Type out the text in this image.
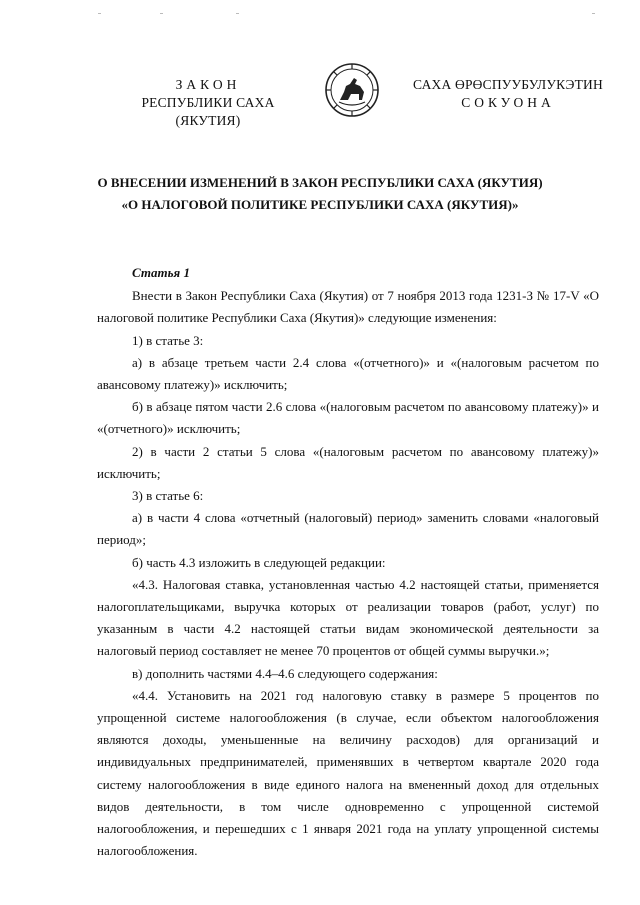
ЗАКОН
РЕСПУБЛИКИ САХА (ЯКУТИЯ)
САХА ӨРӨСПУУБУЛУКЭТИН
СОКУОНА
О ВНЕСЕНИИ ИЗМЕНЕНИЙ В ЗАКОН РЕСПУБЛИКИ САХА (ЯКУТИЯ)
«О НАЛОГОВОЙ ПОЛИТИКЕ РЕСПУБЛИКИ САХА (ЯКУТИЯ)»
Статья 1

Внести в Закон Республики Саха (Якутия) от 7 ноября 2013 года 1231-З № 17-V «О налоговой политике Республики Саха (Якутия)» следующие изменения:

1) в статье 3:

а) в абзаце третьем части 2.4 слова «(отчетного)» и «(налоговым расчетом по авансовому платежу)» исключить;

б) в абзаце пятом части 2.6 слова «(налоговым расчетом по авансовому платежу)» и «(отчетного)» исключить;

2) в части 2 статьи 5 слова «(налоговым расчетом по авансовому платежу)» исключить;

3) в статье 6:

а) в части 4 слова «отчетный (налоговый) период» заменить словами «налоговый период»;

б) часть 4.3 изложить в следующей редакции:

«4.3. Налоговая ставка, установленная частью 4.2 настоящей статьи, применяется налогоплательщиками, выручка которых от реализации товаров (работ, услуг) по указанным в части 4.2 настоящей статьи видам экономической деятельности за налоговый период составляет не менее 70 процентов от общей суммы выручки.»;

в) дополнить частями 4.4–4.6 следующего содержания:

«4.4. Установить на 2021 год налоговую ставку в размере 5 процентов по упрощенной системе налогообложения (в случае, если объектом налогообложения являются доходы, уменьшенные на величину расходов) для организаций и индивидуальных предпринимателей, применявших в четвертом квартале 2020 года систему налогообложения в виде единого налога на вмененный доход для отдельных видов деятельности, в том числе одновременно с упрощенной системой налогообложения, и перешедших с 1 января 2021 года на уплату упрощенной системы налогообложения.
